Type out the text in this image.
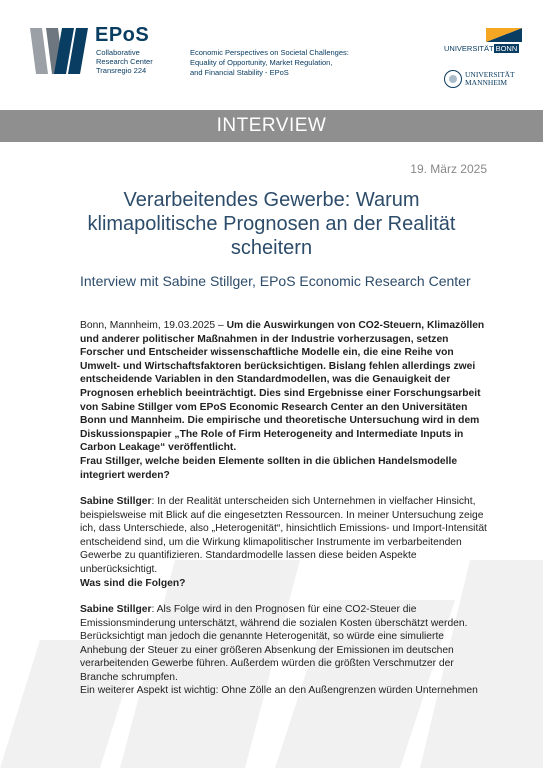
EPoS
Collaborative
Research Center
Transregio 224
Economic Perspectives on Societal Challenges:
Equality of Opportunity, Market Regulation,
and Financial Stability - EPoS
UNIVERSITÄT BONN
UNIVERSITÄT
MANNHEIM
INTERVIEW
19. März 2025
Verarbeitendes Gewerbe: Warum klimapolitische Prognosen an der Realität scheitern
Interview mit Sabine Stillger, EPoS Economic Research Center
Bonn, Mannheim, 19.03.2025 – Um die Auswirkungen von CO2-Steuern, Klimazöllen und anderer politischer Maßnahmen in der Industrie vorherzusagen, setzen Forscher und Entscheider wissenschaftliche Modelle ein, die eine Reihe von Umwelt- und Wirtschaftsfaktoren berücksichtigen. Bislang fehlen allerdings zwei entscheidende Variablen in den Standardmodellen, was die Genauigkeit der Prognosen erheblich beeinträchtigt. Dies sind Ergebnisse einer Forschungsarbeit von Sabine Stillger vom EPoS Economic Research Center an den Universitäten Bonn und Mannheim. Die empirische und theoretische Untersuchung wird in dem Diskussionspapier „The Role of Firm Heterogeneity and Intermediate Inputs in Carbon Leakage“ veröffentlicht.
Frau Stillger, welche beiden Elemente sollten in die üblichen Handelsmodelle integriert werden?
Sabine Stillger: In der Realität unterscheiden sich Unternehmen in vielfacher Hinsicht, beispielsweise mit Blick auf die eingesetzten Ressourcen. In meiner Untersuchung zeige ich, dass Unterschiede, also „Heterogenität“, hinsichtlich Emissions- und Import-Intensität entscheidend sind, um die Wirkung klimapolitischer Instrumente im verbarbeitenden Gewerbe zu quantifizieren. Standardmodelle lassen diese beiden Aspekte unberücksichtigt.
Was sind die Folgen?
Sabine Stillger: Als Folge wird in den Prognosen für eine CO2-Steuer die Emissionsminderung unterschätzt, während die sozialen Kosten überschätzt werden. Berücksichtigt man jedoch die genannte Heterogenität, so würde eine simulierte Anhebung der Steuer zu einer größeren Absenkung der Emissionen im deutschen verarbeitenden Gewerbe führen. Außerdem würden die größten Verschmutzer der Branche schrumpfen.
Ein weiterer Aspekt ist wichtig: Ohne Zölle an den Außengrenzen würden Unternehmen
